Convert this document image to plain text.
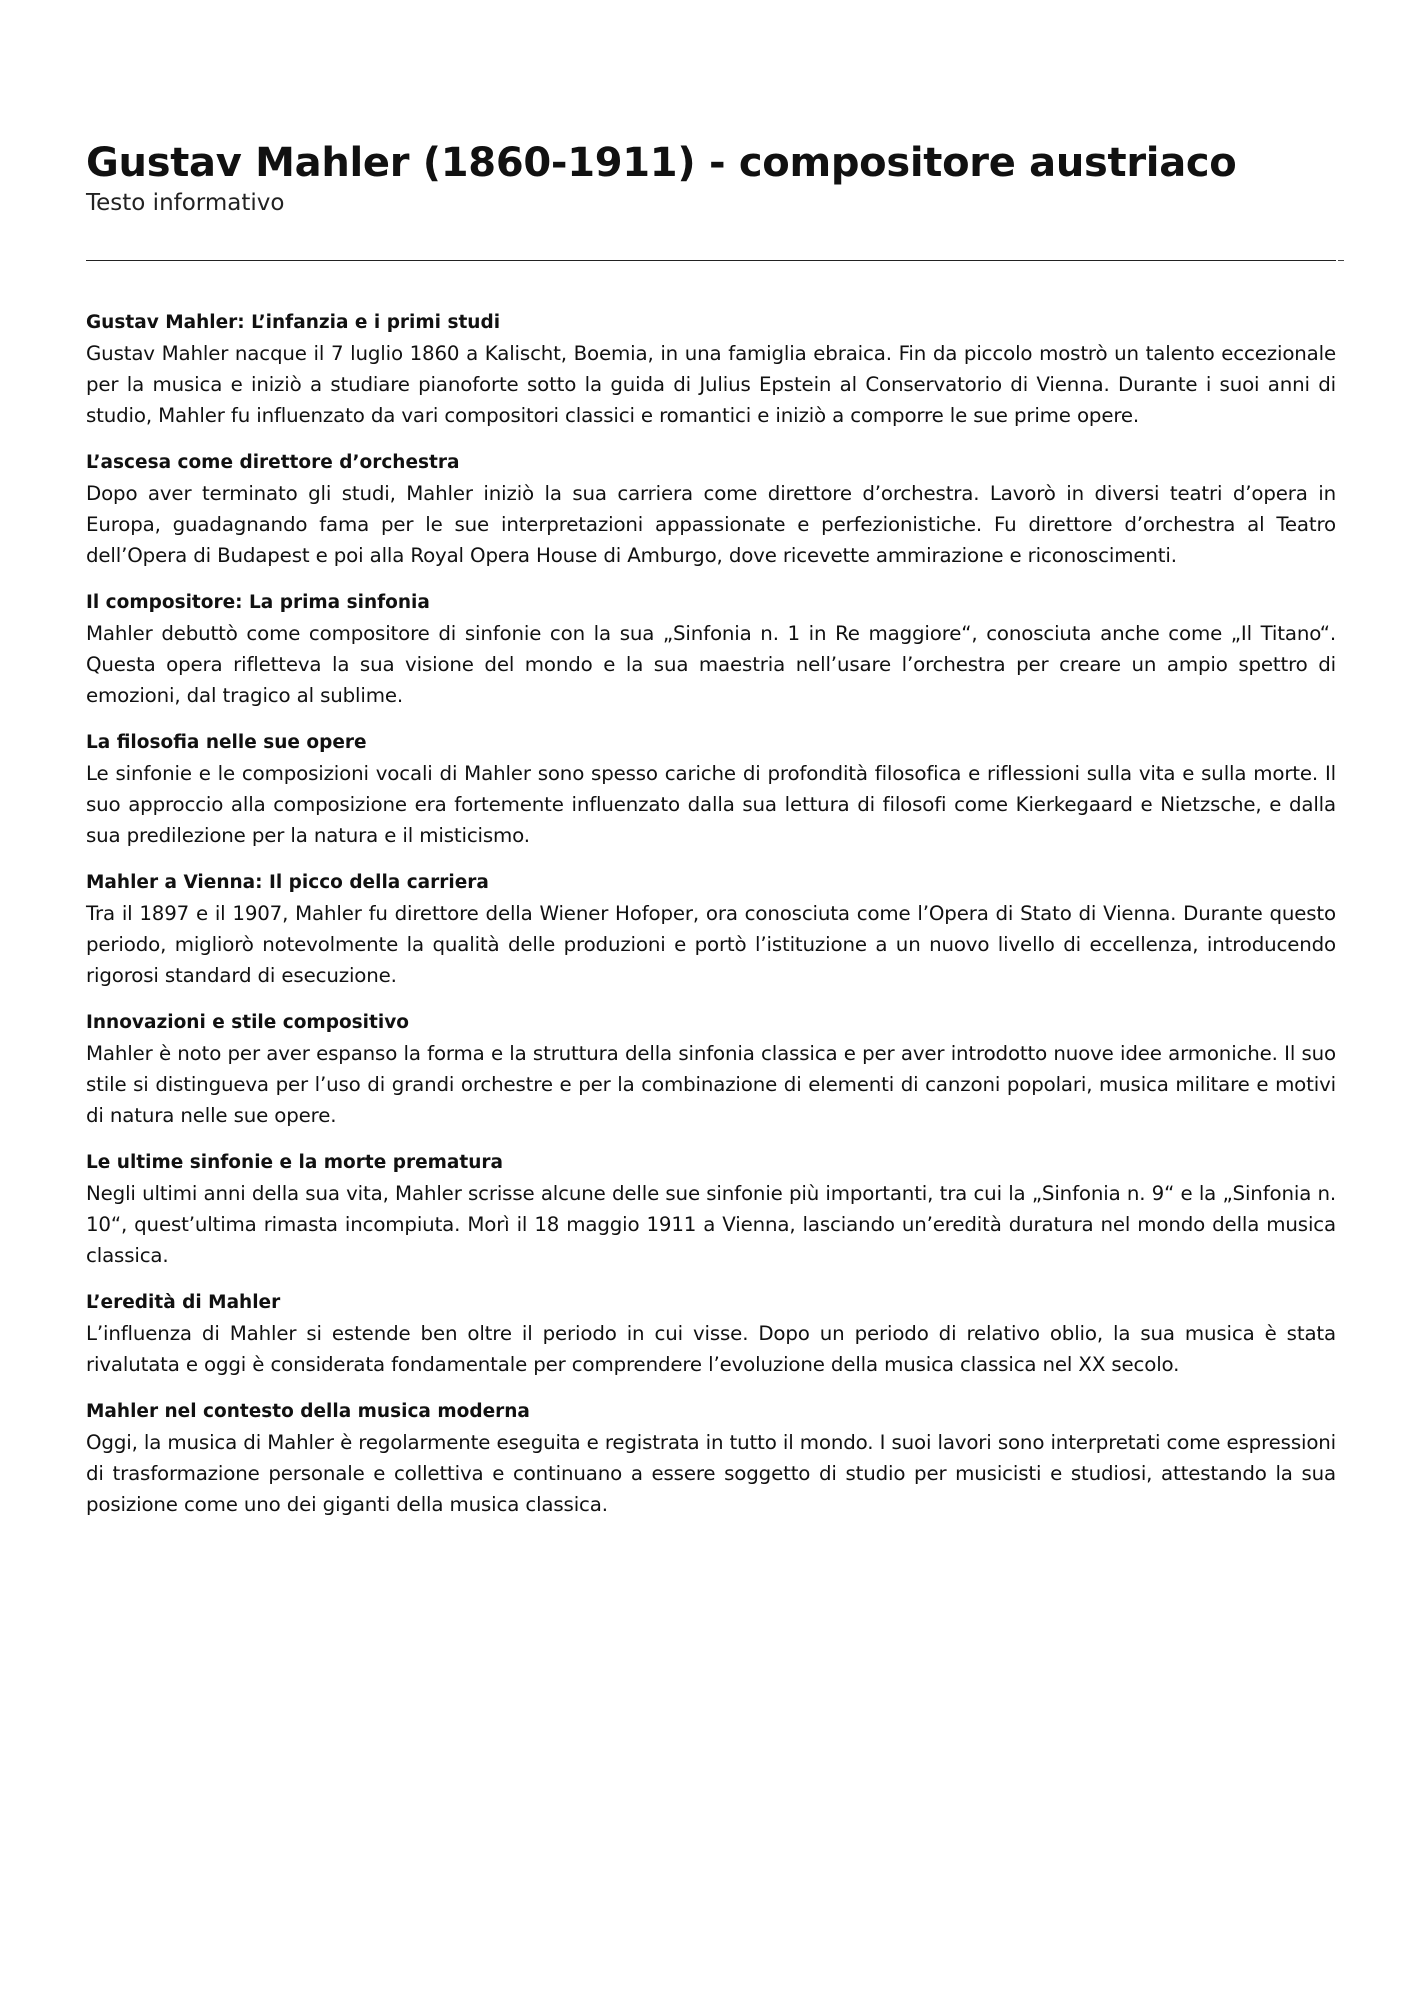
Gustav Mahler (1860-1911) - compositore austriaco

Testo informativo

Gustav Mahler: L’infanzia e i primi studi

Gustav Mahler nacque il 7 luglio 1860 a Kalischt, Boemia, in una famiglia ebraica. Fin da piccolo mostrò un talento eccezionale per la musica e iniziò a studiare pianoforte sotto la guida di Julius Epstein al Conservatorio di Vienna. Durante i suoi anni di studio, Mahler fu influenzato da vari compositori classici e romantici e iniziò a comporre le sue prime opere.

L’ascesa come direttore d’orchestra

Dopo aver terminato gli studi, Mahler iniziò la sua carriera come direttore d’orchestra. Lavorò in diversi teatri d’opera in Europa, guadagnando fama per le sue interpretazioni appassionate e perfezionistiche. Fu direttore d’orchestra al Teatro dell’Opera di Budapest e poi alla Royal Opera House di Amburgo, dove ricevette ammirazione e riconoscimenti.

Il compositore: La prima sinfonia

Mahler debuttò come compositore di sinfonie con la sua „Sinfonia n. 1 in Re maggiore“, conosciuta anche come „Il Titano“. Questa opera rifletteva la sua visione del mondo e la sua maestria nell’usare l’orchestra per creare un ampio spettro di emozioni, dal tragico al sublime.

La filosofia nelle sue opere

Le sinfonie e le composizioni vocali di Mahler sono spesso cariche di profondità filosofica e riflessioni sulla vita e sulla morte. Il suo approccio alla composizione era fortemente influenzato dalla sua lettura di filosofi come Kierkegaard e Nietzsche, e dalla sua predilezione per la natura e il misticismo.

Mahler a Vienna: Il picco della carriera

Tra il 1897 e il 1907, Mahler fu direttore della Wiener Hofoper, ora conosciuta come l’Opera di Stato di Vienna. Durante questo periodo, migliorò notevolmente la qualità delle produzioni e portò l’istituzione a un nuovo livello di eccellenza, introducendo rigorosi standard di esecuzione.

Innovazioni e stile compositivo

Mahler è noto per aver espanso la forma e la struttura della sinfonia classica e per aver introdotto nuove idee armoniche. Il suo stile si distingueva per l’uso di grandi orchestre e per la combinazione di elementi di canzoni popolari, musica militare e motivi di natura nelle sue opere.

Le ultime sinfonie e la morte prematura

Negli ultimi anni della sua vita, Mahler scrisse alcune delle sue sinfonie più importanti, tra cui la „Sinfonia n. 9“ e la „Sinfonia n. 10“, quest’ultima rimasta incompiuta. Morì il 18 maggio 1911 a Vienna, lasciando un’eredità duratura nel mondo della musica classica.

L’eredità di Mahler

L’influenza di Mahler si estende ben oltre il periodo in cui visse. Dopo un periodo di relativo oblio, la sua musica è stata rivalutata e oggi è considerata fondamentale per comprendere l’evoluzione della musica classica nel XX secolo.

Mahler nel contesto della musica moderna

Oggi, la musica di Mahler è regolarmente eseguita e registrata in tutto il mondo. I suoi lavori sono interpretati come espressioni di trasformazione personale e collettiva e continuano a essere soggetto di studio per musicisti e studiosi, attestando la sua posizione come uno dei giganti della musica classica.
